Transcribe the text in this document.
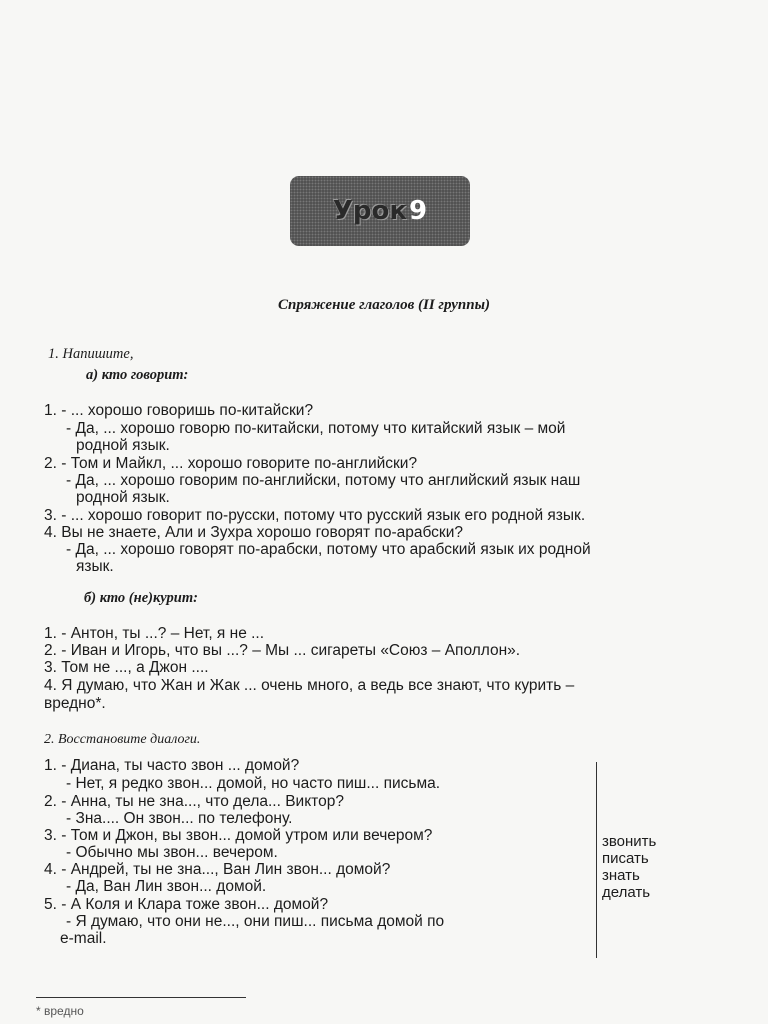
Урок 9
Спряжение глаголов (II группы)
1. Напишите,
а) кто говорит:
1. - ... хорошо говоришь по-китайски?
- Да, ... хорошо говорю по-китайски, потому что китайский язык – мой
родной язык.
2. - Том и Майкл, ... хорошо говорите по-английски?
- Да, ... хорошо говорим по-английски, потому что английский язык наш
родной язык.
3. - ... хорошо говорит по-русски, потому что русский язык его родной язык.
4. Вы не знаете, Али и Зухра хорошо говорят по-арабски?
- Да, ... хорошо говорят по-арабски, потому что арабский язык их родной
язык.
б) кто (не)курит:
1. - Антон, ты ...? – Нет, я не ...
2. - Иван и Игорь, что вы ...? – Мы ... сигареты «Союз – Аполлон».
3. Том не ..., а Джон ....
4. Я думаю, что Жан и Жак ... очень много, а ведь все знают, что курить –
вредно*.
2. Восстановите диалоги.
1. - Диана, ты часто звон ... домой?
- Нет, я редко звон... домой, но часто пиш... письма.
2. - Анна, ты не зна..., что дела... Виктор?
- Зна.... Он звон... по телефону.
3. - Том и Джон, вы звон... домой утром или вечером?
- Обычно мы звон... вечером.
4. - Андрей, ты не зна..., Ван Лин звон... домой?
- Да, Ван Лин звон... домой.
5. - А Коля и Клара тоже звон... домой?
- Я думаю, что они не..., они пиш... письма домой по
e-mail.
звонить
писать
знать
делать
* вредно
